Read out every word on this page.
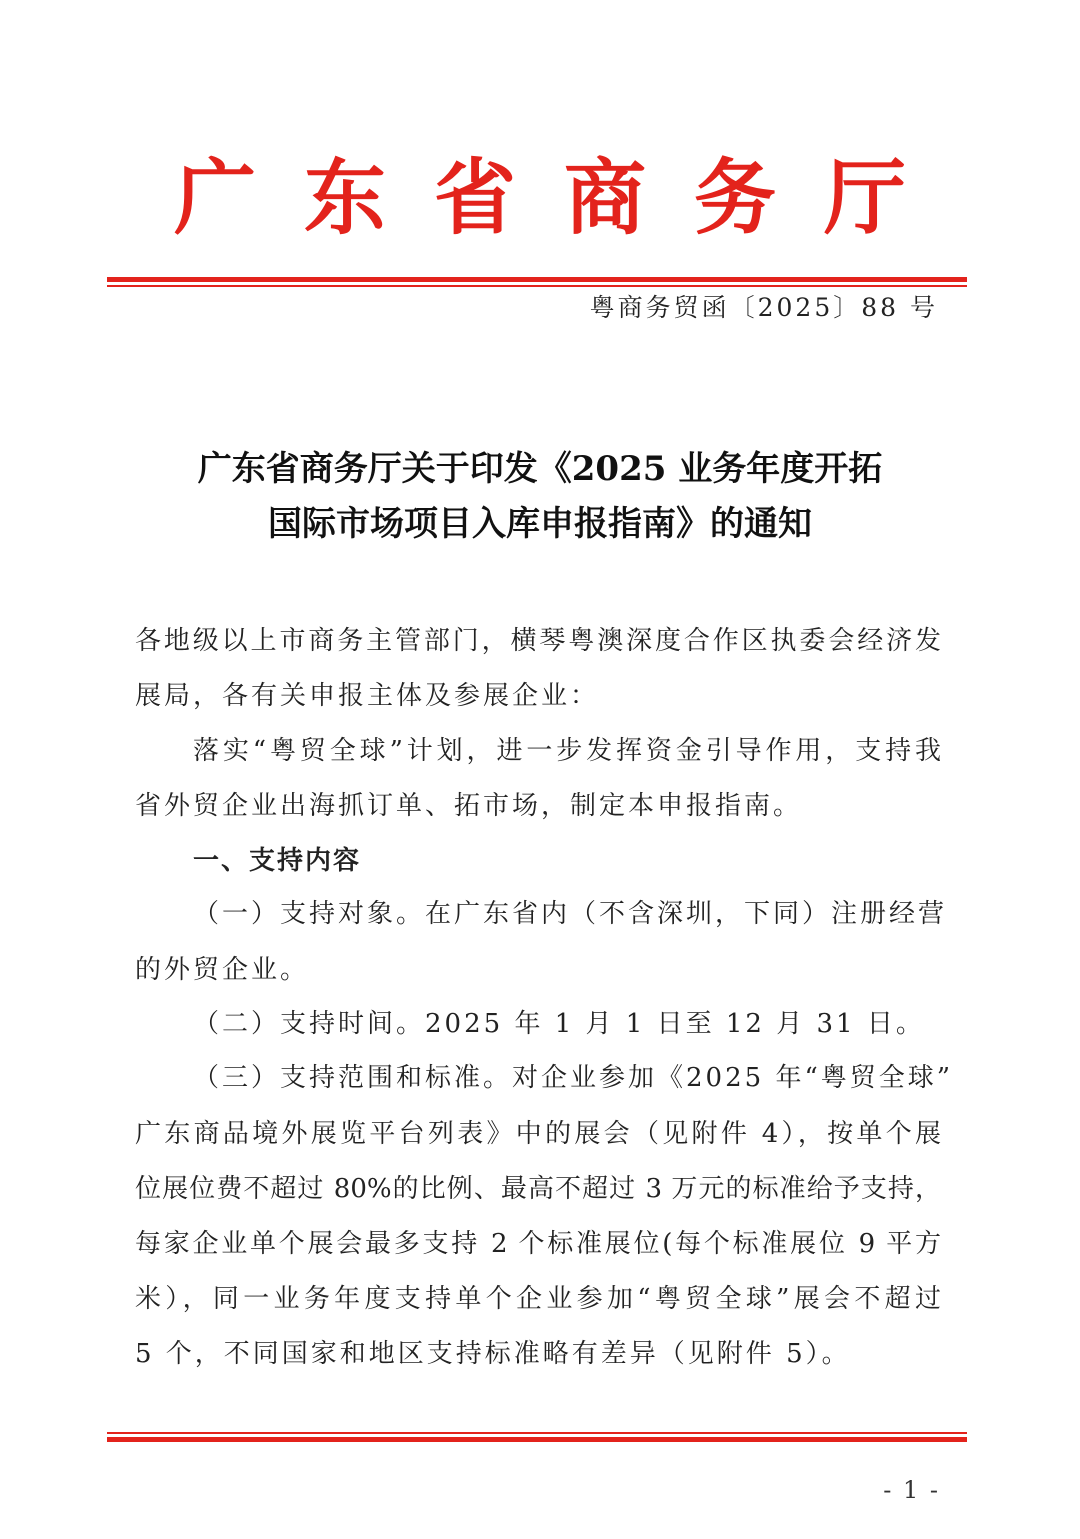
广东省商务厅
粤商务贸函〔2025〕88 号
广东省商务厅关于印发《2025 业务年度开拓
国际市场项目入库申报指南》的通知
各地级以上市商务主管部门，横琴粤澳深度合作区执委会经济发
展局，各有关申报主体及参展企业：
落实“粤贸全球”计划，进一步发挥资金引导作用，支持我
省外贸企业出海抓订单、拓市场，制定本申报指南。
一、支持内容
（一）支持对象。在广东省内（不含深圳，下同）注册经营
的外贸企业。
（二）支持时间。2025 年 1 月 1 日至 12 月 31 日。
（三）支持范围和标准。对企业参加《2025 年“粤贸全球”
广东商品境外展览平台列表》中的展会（见附件 4），按单个展
位展位费不超过 80%的比例、最高不超过 3 万元的标准给予支持，
每家企业单个展会最多支持 2 个标准展位(每个标准展位 9 平方
米），同一业务年度支持单个企业参加“粤贸全球”展会不超过
5 个，不同国家和地区支持标准略有差异（见附件 5）。
- 1 -
